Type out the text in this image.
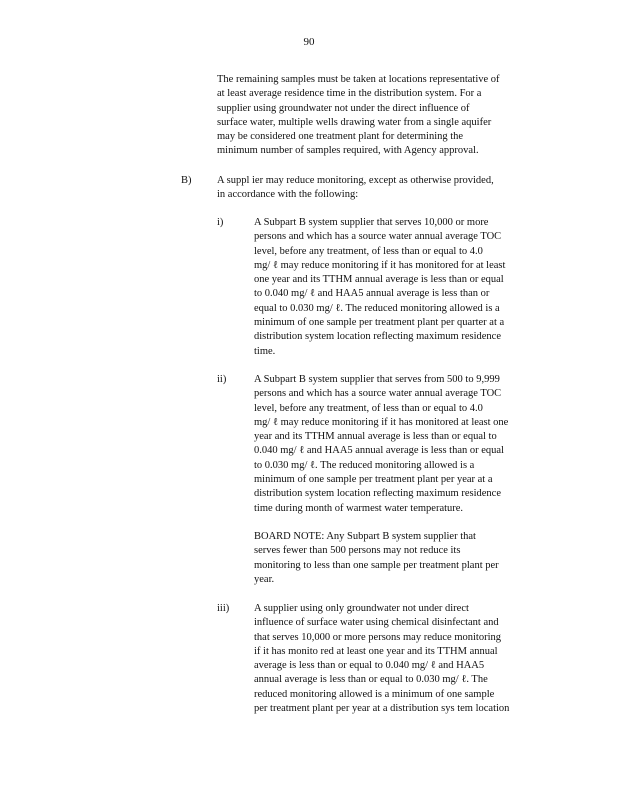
90
The remaining samples must be taken at locations representative of
at least average residence time in the distribution system. For a
supplier using groundwater not under the direct influence of
surface water, multiple wells drawing water from a single aquifer
may be considered one treatment plant for determining the
minimum number of samples required, with Agency approval.
B) A suppl ier may reduce monitoring, except as otherwise provided,
in accordance with the following:
i)	A Subpart B system supplier that serves 10,000 or more
persons and which has a source water annual average TOC
level, before any treatment, of less than or equal to 4.0
mg/ ℓ may reduce monitoring if it has monitored for at least
one year and its TTHM annual average is less than or equal
to 0.040 mg/ ℓ and HAA5 annual average is less than or
equal to 0.030 mg/ ℓ. The reduced monitoring allowed is a
minimum of one sample per treatment plant per quarter at a
distribution system location reflecting maximum residence
time.
ii)	A Subpart B system supplier that serves from 500 to 9,999
persons and which has a source water annual average TOC
level, before any treatment, of less than or equal to 4.0
mg/ ℓ may reduce monitoring if it has monitored at least one
year and its TTHM annual average is less than or equal to
0.040 mg/ ℓ and HAA5 annual average is less than or equal
to 0.030 mg/ ℓ. The reduced monitoring allowed is a
minimum of one sample per treatment plant per year at a
distribution system location reflecting maximum residence
time during month of warmest water temperature.
BOARD NOTE: Any Subpart B system supplier that
serves fewer than 500 persons may not reduce its
monitoring to less than one sample per treatment plant per
year.
iii) A supplier using only groundwater not under direct
influence of surface water using chemical disinfectant and
that serves 10,000 or more persons may reduce monitoring
if it has monito red at least one year and its TTHM annual
average is less than or equal to 0.040 mg/ ℓ and HAA5
annual average is less than or equal to 0.030 mg/ ℓ. The
reduced monitoring allowed is a minimum of one sample
per treatment plant per year at a distribution sys tem location
